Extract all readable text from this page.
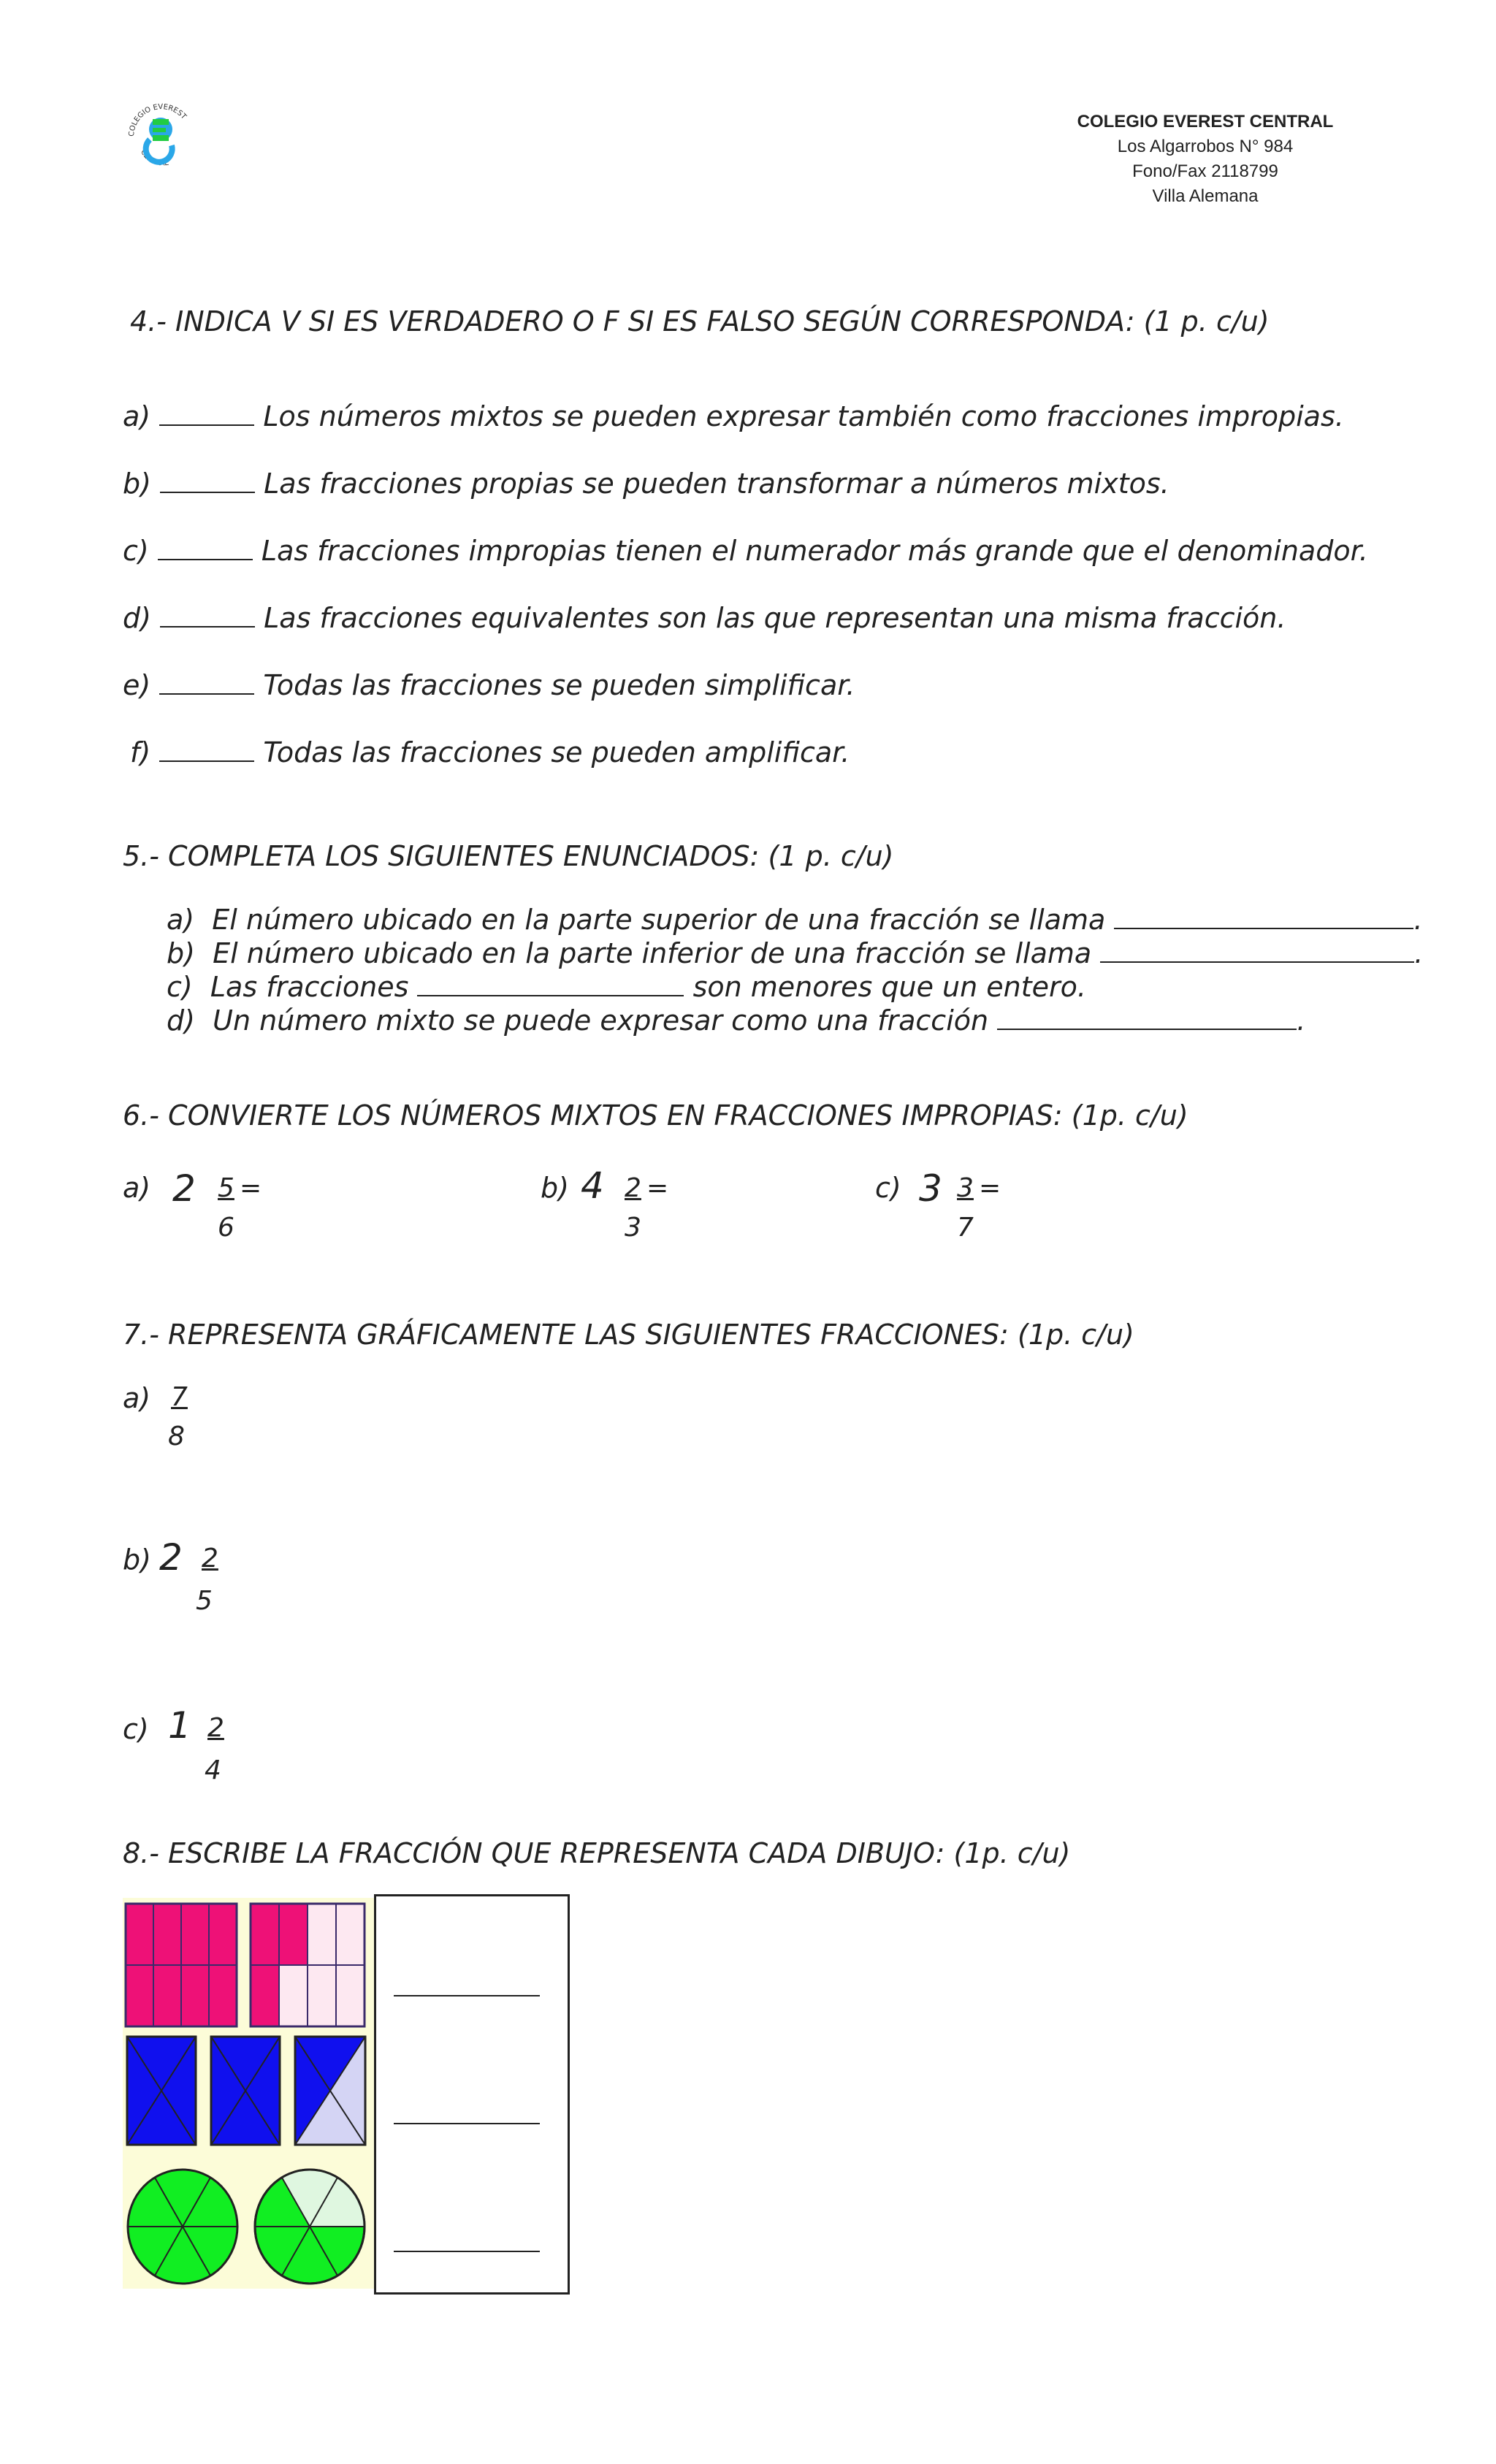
COLEGIO EVEREST
CENTRAL
COLEGIO EVEREST CENTRAL
Los Algarrobos N° 984
Fono/Fax 2118799
Villa Alemana
4.- INDICA V SI ES VERDADERO O F SI ES FALSO SEGÚN CORRESPONDA: (1 p. c/u)
a)	Los números mixtos se pueden expresar también como fracciones impropias.
b)	Las fracciones propias se pueden transformar a números mixtos.
c)	Las fracciones impropias tienen el numerador más grande que el denominador.
d)	Las fracciones equivalentes son las que representan una misma fracción.
e)	Todas las fracciones se pueden simplificar.
f)	Todas las fracciones se pueden amplificar.
5.- COMPLETA LOS SIGUIENTES ENUNCIADOS: (1 p. c/u)
a) El número ubicado en la parte superior de una fracción se llama	.
b) El número ubicado en la parte inferior de una fracción se llama	.
c) Las fracciones	son menores que un entero.
d) Un número mixto se puede expresar como una fracción	.
6.- CONVIERTE LOS NÚMEROS MIXTOS EN FRACCIONES IMPROPIAS: (1p. c/u)
a) 2 5 =
6
b) 4 2 =
3
c) 3 3 =
7
7.- REPRESENTA GRÁFICAMENTE LAS SIGUIENTES FRACCIONES: (1p. c/u)
a) 7
8
b) 2 2
5
c) 1 2
4
8.- ESCRIBE LA FRACCIÓN QUE REPRESENTA CADA DIBUJO: (1p. c/u)
